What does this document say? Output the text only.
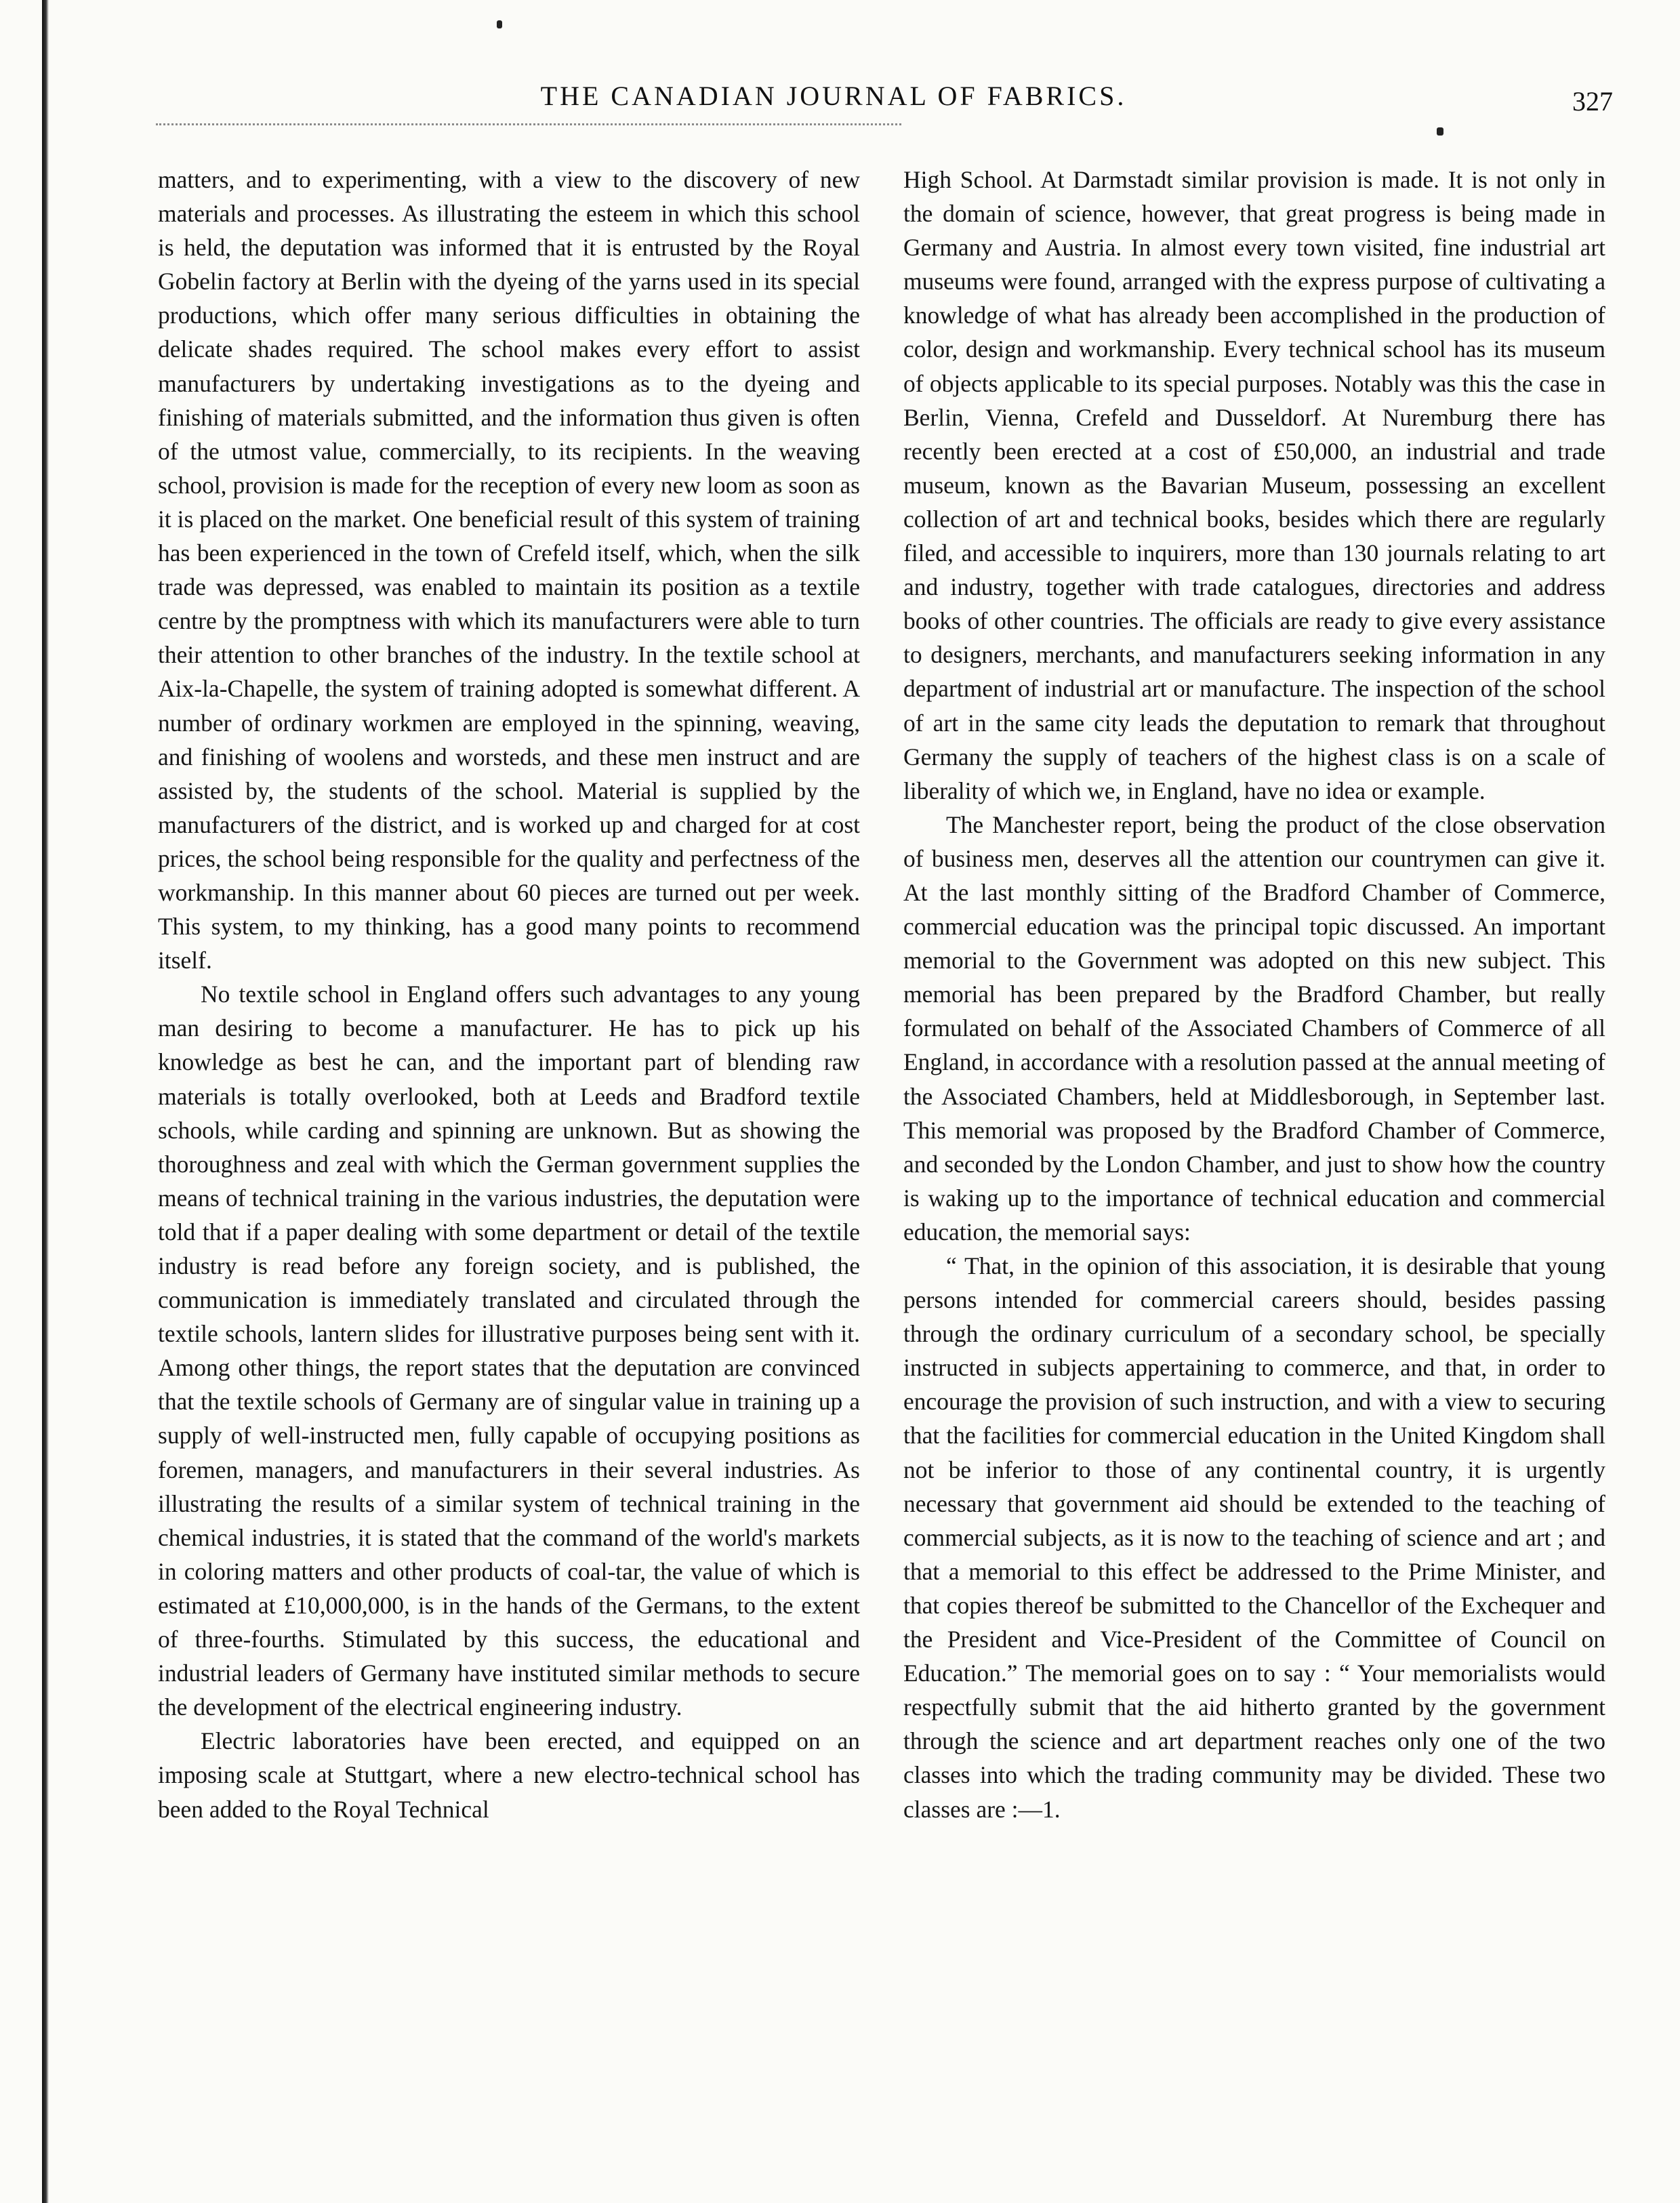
THE CANADIAN JOURNAL OF FABRICS.	327

matters, and to experimenting, with a view to the discovery of new materials and processes. As illustrating the esteem in which this school is held, the deputation was informed that it is entrusted by the Royal Gobelin factory at Berlin with the dyeing of the yarns used in its special productions, which offer many serious difficulties in obtaining the delicate shades required. The school makes every effort to assist manufacturers by undertaking investigations as to the dyeing and finishing of materials submitted, and the information thus given is often of the utmost value, commercially, to its recipients. In the weaving school, provision is made for the reception of every new loom as soon as it is placed on the market. One beneficial result of this system of training has been experienced in the town of Crefeld itself, which, when the silk trade was depressed, was enabled to maintain its position as a textile centre by the promptness with which its manufacturers were able to turn their attention to other branches of the industry. In the textile school at Aix-la-Chapelle, the system of training adopted is somewhat different. A number of ordinary workmen are employed in the spinning, weaving, and finishing of woolens and worsteds, and these men instruct and are assisted by, the students of the school. Material is supplied by the manufacturers of the district, and is worked up and charged for at cost prices, the school being responsible for the quality and perfectness of the workmanship. In this manner about 60 pieces are turned out per week. This system, to my thinking, has a good many points to recommend itself.

No textile school in England offers such advantages to any young man desiring to become a manufacturer. He has to pick up his knowledge as best he can, and the important part of blending raw materials is totally overlooked, both at Leeds and Bradford textile schools, while carding and spinning are unknown. But as showing the thoroughness and zeal with which the German government supplies the means of technical training in the various industries, the deputation were told that if a paper dealing with some department or detail of the textile industry is read before any foreign society, and is published, the communication is immediately translated and circulated through the textile schools, lantern slides for illustrative purposes being sent with it. Among other things, the report states that the deputation are convinced that the textile schools of Germany are of singular value in training up a supply of well-instructed men, fully capable of occupying positions as foremen, managers, and manufacturers in their several industries. As illustrating the results of a similar system of technical training in the chemical industries, it is stated that the command of the world's markets in coloring matters and other products of coal-tar, the value of which is estimated at £10,000,000, is in the hands of the Germans, to the extent of three-fourths. Stimulated by this success, the educational and industrial leaders of Germany have instituted similar methods to secure the development of the electrical engineering industry.

Electric laboratories have been erected, and equipped on an imposing scale at Stuttgart, where a new electro-technical school has been added to the Royal Technical

High School. At Darmstadt similar provision is made. It is not only in the domain of science, however, that great progress is being made in Germany and Austria. In almost every town visited, fine industrial art museums were found, arranged with the express purpose of cultivating a knowledge of what has already been accomplished in the production of color, design and workmanship. Every technical school has its museum of objects applicable to its special purposes. Notably was this the case in Berlin, Vienna, Crefeld and Dusseldorf. At Nuremburg there has recently been erected at a cost of £50,000, an industrial and trade museum, known as the Bavarian Museum, possessing an excellent collection of art and technical books, besides which there are regularly filed, and accessible to inquirers, more than 130 journals relating to art and industry, together with trade catalogues, directories and address books of other countries. The officials are ready to give every assistance to designers, merchants, and manufacturers seeking information in any department of industrial art or manufacture. The inspection of the school of art in the same city leads the deputation to remark that throughout Germany the supply of teachers of the highest class is on a scale of liberality of which we, in England, have no idea or example.

The Manchester report, being the product of the close observation of business men, deserves all the attention our countrymen can give it. At the last monthly sitting of the Bradford Chamber of Commerce, commercial education was the principal topic discussed. An important memorial to the Government was adopted on this new subject. This memorial has been prepared by the Bradford Chamber, but really formulated on behalf of the Associated Chambers of Commerce of all England, in accordance with a resolution passed at the annual meeting of the Associated Chambers, held at Middlesborough, in September last. This memorial was proposed by the Bradford Chamber of Commerce, and seconded by the London Chamber, and just to show how the country is waking up to the importance of technical education and commercial education, the memorial says:

“ That, in the opinion of this association, it is desirable that young persons intended for commercial careers should, besides passing through the ordinary curriculum of a secondary school, be specially instructed in subjects appertaining to commerce, and that, in order to encourage the provision of such instruction, and with a view to securing that the facilities for commercial education in the United Kingdom shall not be inferior to those of any continental country, it is urgently necessary that government aid should be extended to the teaching of commercial subjects, as it is now to the teaching of science and art ; and that a memorial to this effect be addressed to the Prime Minister, and that copies thereof be submitted to the Chancellor of the Exchequer and the President and Vice-President of the Committee of Council on Education.” The memorial goes on to say : “ Your memorialists would respectfully submit that the aid hitherto granted by the government through the science and art department reaches only one of the two classes into which the trading community may be divided. These two classes are :—1.
